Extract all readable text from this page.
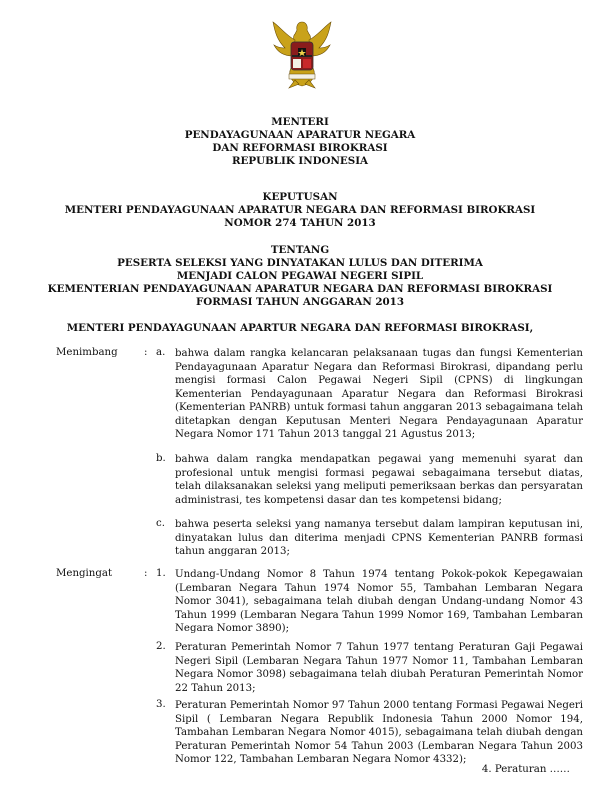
MENTERI
PENDAYAGUNAAN APARATUR NEGARA
DAN REFORMASI BIROKRASI
REPUBLIK INDONESIA
KEPUTUSAN
MENTERI PENDAYAGUNAAN APARATUR NEGARA DAN REFORMASI BIROKRASI
NOMOR 274 TAHUN 2013
TENTANG
PESERTA SELEKSI YANG DINYATAKAN LULUS DAN DITERIMA
MENJADI CALON PEGAWAI NEGERI SIPIL
KEMENTERIAN PENDAYAGUNAAN APARATUR NEGARA DAN REFORMASI BIROKRASI
FORMASI TAHUN ANGGARAN 2013
MENTERI PENDAYAGUNAAN APARTUR NEGARA DAN REFORMASI BIROKRASI,
Menimbang	: a. bahwa dalam rangka kelancaran pelaksanaan tugas dan fungsi Kementerian Pendayagunaan Aparatur Negara dan Reformasi Birokrasi, dipandang perlu mengisi formasi Calon Pegawai Negeri Sipil (CPNS) di lingkungan Kementerian Pendayagunaan Aparatur Negara dan Reformasi Birokrasi (Kementerian PANRB) untuk formasi tahun anggaran 2013 sebagaimana telah ditetapkan dengan Keputusan Menteri Negara Pendayagunaan Aparatur Negara Nomor 171 Tahun 2013 tanggal 21 Agustus 2013;
b. bahwa dalam rangka mendapatkan pegawai yang memenuhi syarat dan profesional untuk mengisi formasi pegawai sebagaimana tersebut diatas, telah dilaksanakan seleksi yang meliputi pemeriksaan berkas dan persyaratan administrasi, tes kompetensi dasar dan tes kompetensi bidang;
c. bahwa peserta seleksi yang namanya tersebut dalam lampiran keputusan ini, dinyatakan lulus dan diterima menjadi CPNS Kementerian PANRB formasi tahun anggaran 2013;
Mengingat	: 1. Undang-Undang Nomor 8 Tahun 1974 tentang Pokok-pokok Kepegawaian (Lembaran Negara Tahun 1974 Nomor 55, Tambahan Lembaran Negara Nomor 3041), sebagaimana telah diubah dengan Undang-undang Nomor 43 Tahun 1999 (Lembaran Negara Tahun 1999 Nomor 169, Tambahan Lembaran Negara Nomor 3890);
2. Peraturan Pemerintah Nomor 7 Tahun 1977 tentang Peraturan Gaji Pegawai Negeri Sipil (Lembaran Negara Tahun 1977 Nomor 11, Tambahan Lembaran Negara Nomor 3098) sebagaimana telah diubah Peraturan Pemerintah Nomor 22 Tahun 2013;
3. Peraturan Pemerintah Nomor 97 Tahun 2000 tentang Formasi Pegawai Negeri Sipil ( Lembaran Negara Republik Indonesia Tahun 2000 Nomor 194, Tambahan Lembaran Negara Nomor 4015), sebagaimana telah diubah dengan Peraturan Pemerintah Nomor 54 Tahun 2003 (Lembaran Negara Tahun 2003 Nomor 122, Tambahan Lembaran Negara Nomor 4332);
4. Peraturan ……
